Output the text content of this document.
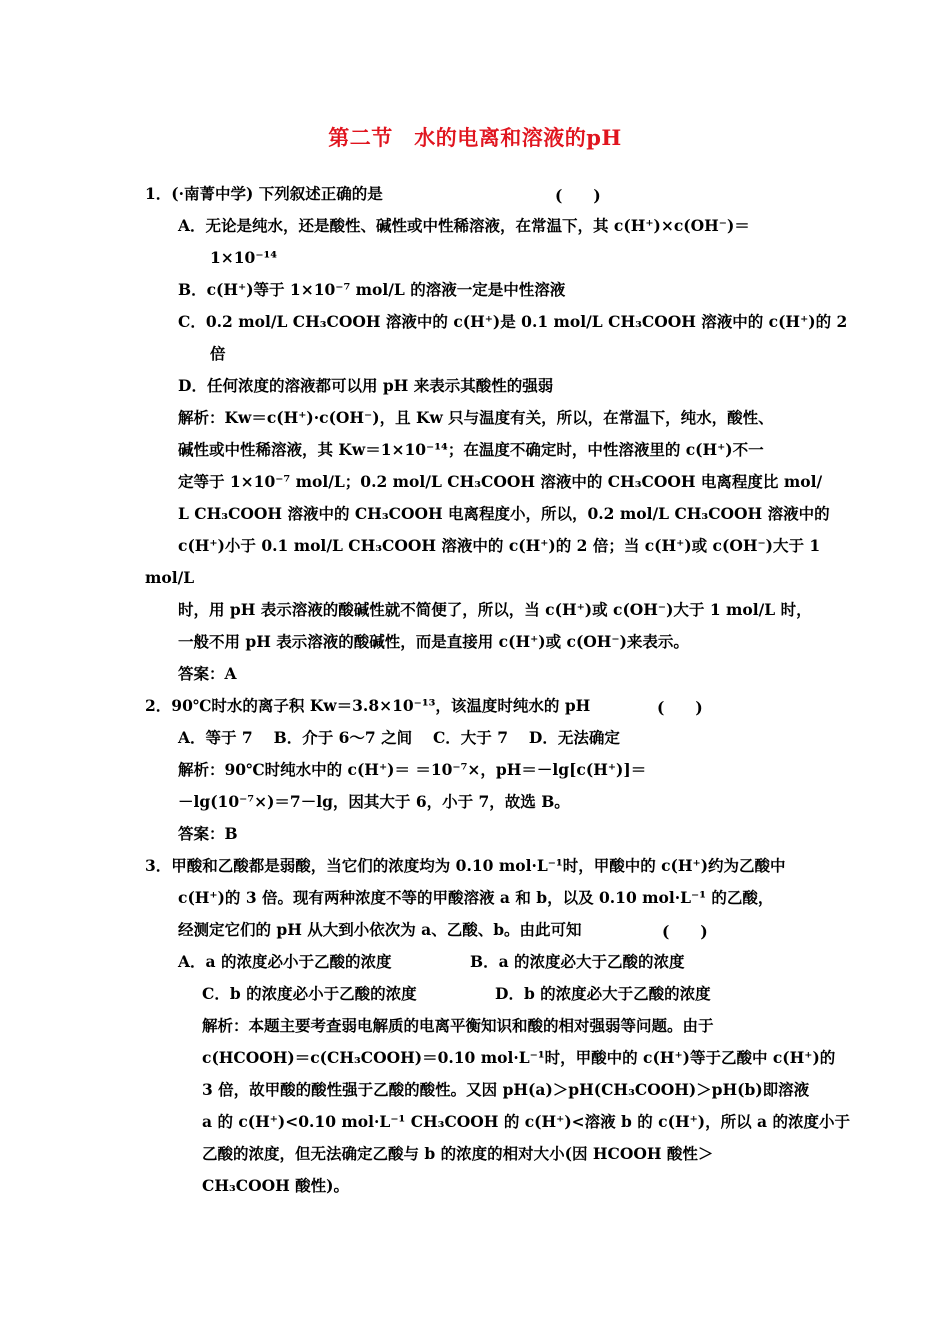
第二节　水的电离和溶液的pH
1．(·南菁中学) 下列叙述正确的是	(　　)
A．无论是纯水，还是酸性、碱性或中性稀溶液，在常温下，其 c(H⁺)×c(OH⁻)＝
1×10⁻¹⁴
B．c(H⁺)等于 1×10⁻⁷ mol/L 的溶液一定是中性溶液
C．0.2 mol/L CH₃COOH 溶液中的 c(H⁺)是 0.1 mol/L CH₃COOH 溶液中的 c(H⁺)的 2
倍
D．任何浓度的溶液都可以用 pH 来表示其酸性的强弱
解析：Kw＝c(H⁺)·c(OH⁻)，且 Kw 只与温度有关，所以，在常温下，纯水，酸性、
碱性或中性稀溶液，其 Kw＝1×10⁻¹⁴；在温度不确定时，中性溶液里的 c(H⁺)不一
定等于 1×10⁻⁷ mol/L；0.2 mol/L CH₃COOH 溶液中的 CH₃COOH 电离程度比 mol/
L CH₃COOH 溶液中的 CH₃COOH 电离程度小，所以，0.2 mol/L CH₃COOH 溶液中的
c(H⁺)小于 0.1 mol/L CH₃COOH 溶液中的 c(H⁺)的 2 倍；当 c(H⁺)或 c(OH⁻)大于 1
mol/L
时，用 pH 表示溶液的酸碱性就不简便了，所以，当 c(H⁺)或 c(OH⁻)大于 1 mol/L 时，
一般不用 pH 表示溶液的酸碱性，而是直接用 c(H⁺)或 c(OH⁻)来表示。
答案：A
2．90℃时水的离子积 Kw＝3.8×10⁻¹³，该温度时纯水的 pH	(　　)
A．等于 7　 B．介于 6～7 之间　 C．大于 7　 D．无法确定
解析：90℃时纯水中的 c(H⁺)＝ ＝10⁻⁷×，pH＝－lg[c(H⁺)]＝
－lg(10⁻⁷×)＝7－lg，因其大于 6，小于 7，故选 B。
答案：B
3．甲酸和乙酸都是弱酸，当它们的浓度均为 0.10 mol·L⁻¹时，甲酸中的 c(H⁺)约为乙酸中
c(H⁺)的 3 倍。现有两种浓度不等的甲酸溶液 a 和 b，以及 0.10 mol·L⁻¹ 的乙酸，
经测定它们的 pH 从大到小依次为 a、乙酸、b。由此可知	(　　)
A．a 的浓度必小于乙酸的浓度	B．a 的浓度必大于乙酸的浓度
C．b 的浓度必小于乙酸的浓度	D．b 的浓度必大于乙酸的浓度
解析：本题主要考查弱电解质的电离平衡知识和酸的相对强弱等问题。由于
c(HCOOH)＝c(CH₃COOH)＝0.10 mol·L⁻¹时，甲酸中的 c(H⁺)等于乙酸中 c(H⁺)的
3 倍，故甲酸的酸性强于乙酸的酸性。又因 pH(a)＞pH(CH₃COOH)＞pH(b)即溶液
a 的 c(H⁺)<0.10 mol·L⁻¹ CH₃COOH 的 c(H⁺)<溶液 b 的 c(H⁺)，所以 a 的浓度小于
乙酸的浓度，但无法确定乙酸与 b 的浓度的相对大小(因 HCOOH 酸性＞
CH₃COOH 酸性)。
